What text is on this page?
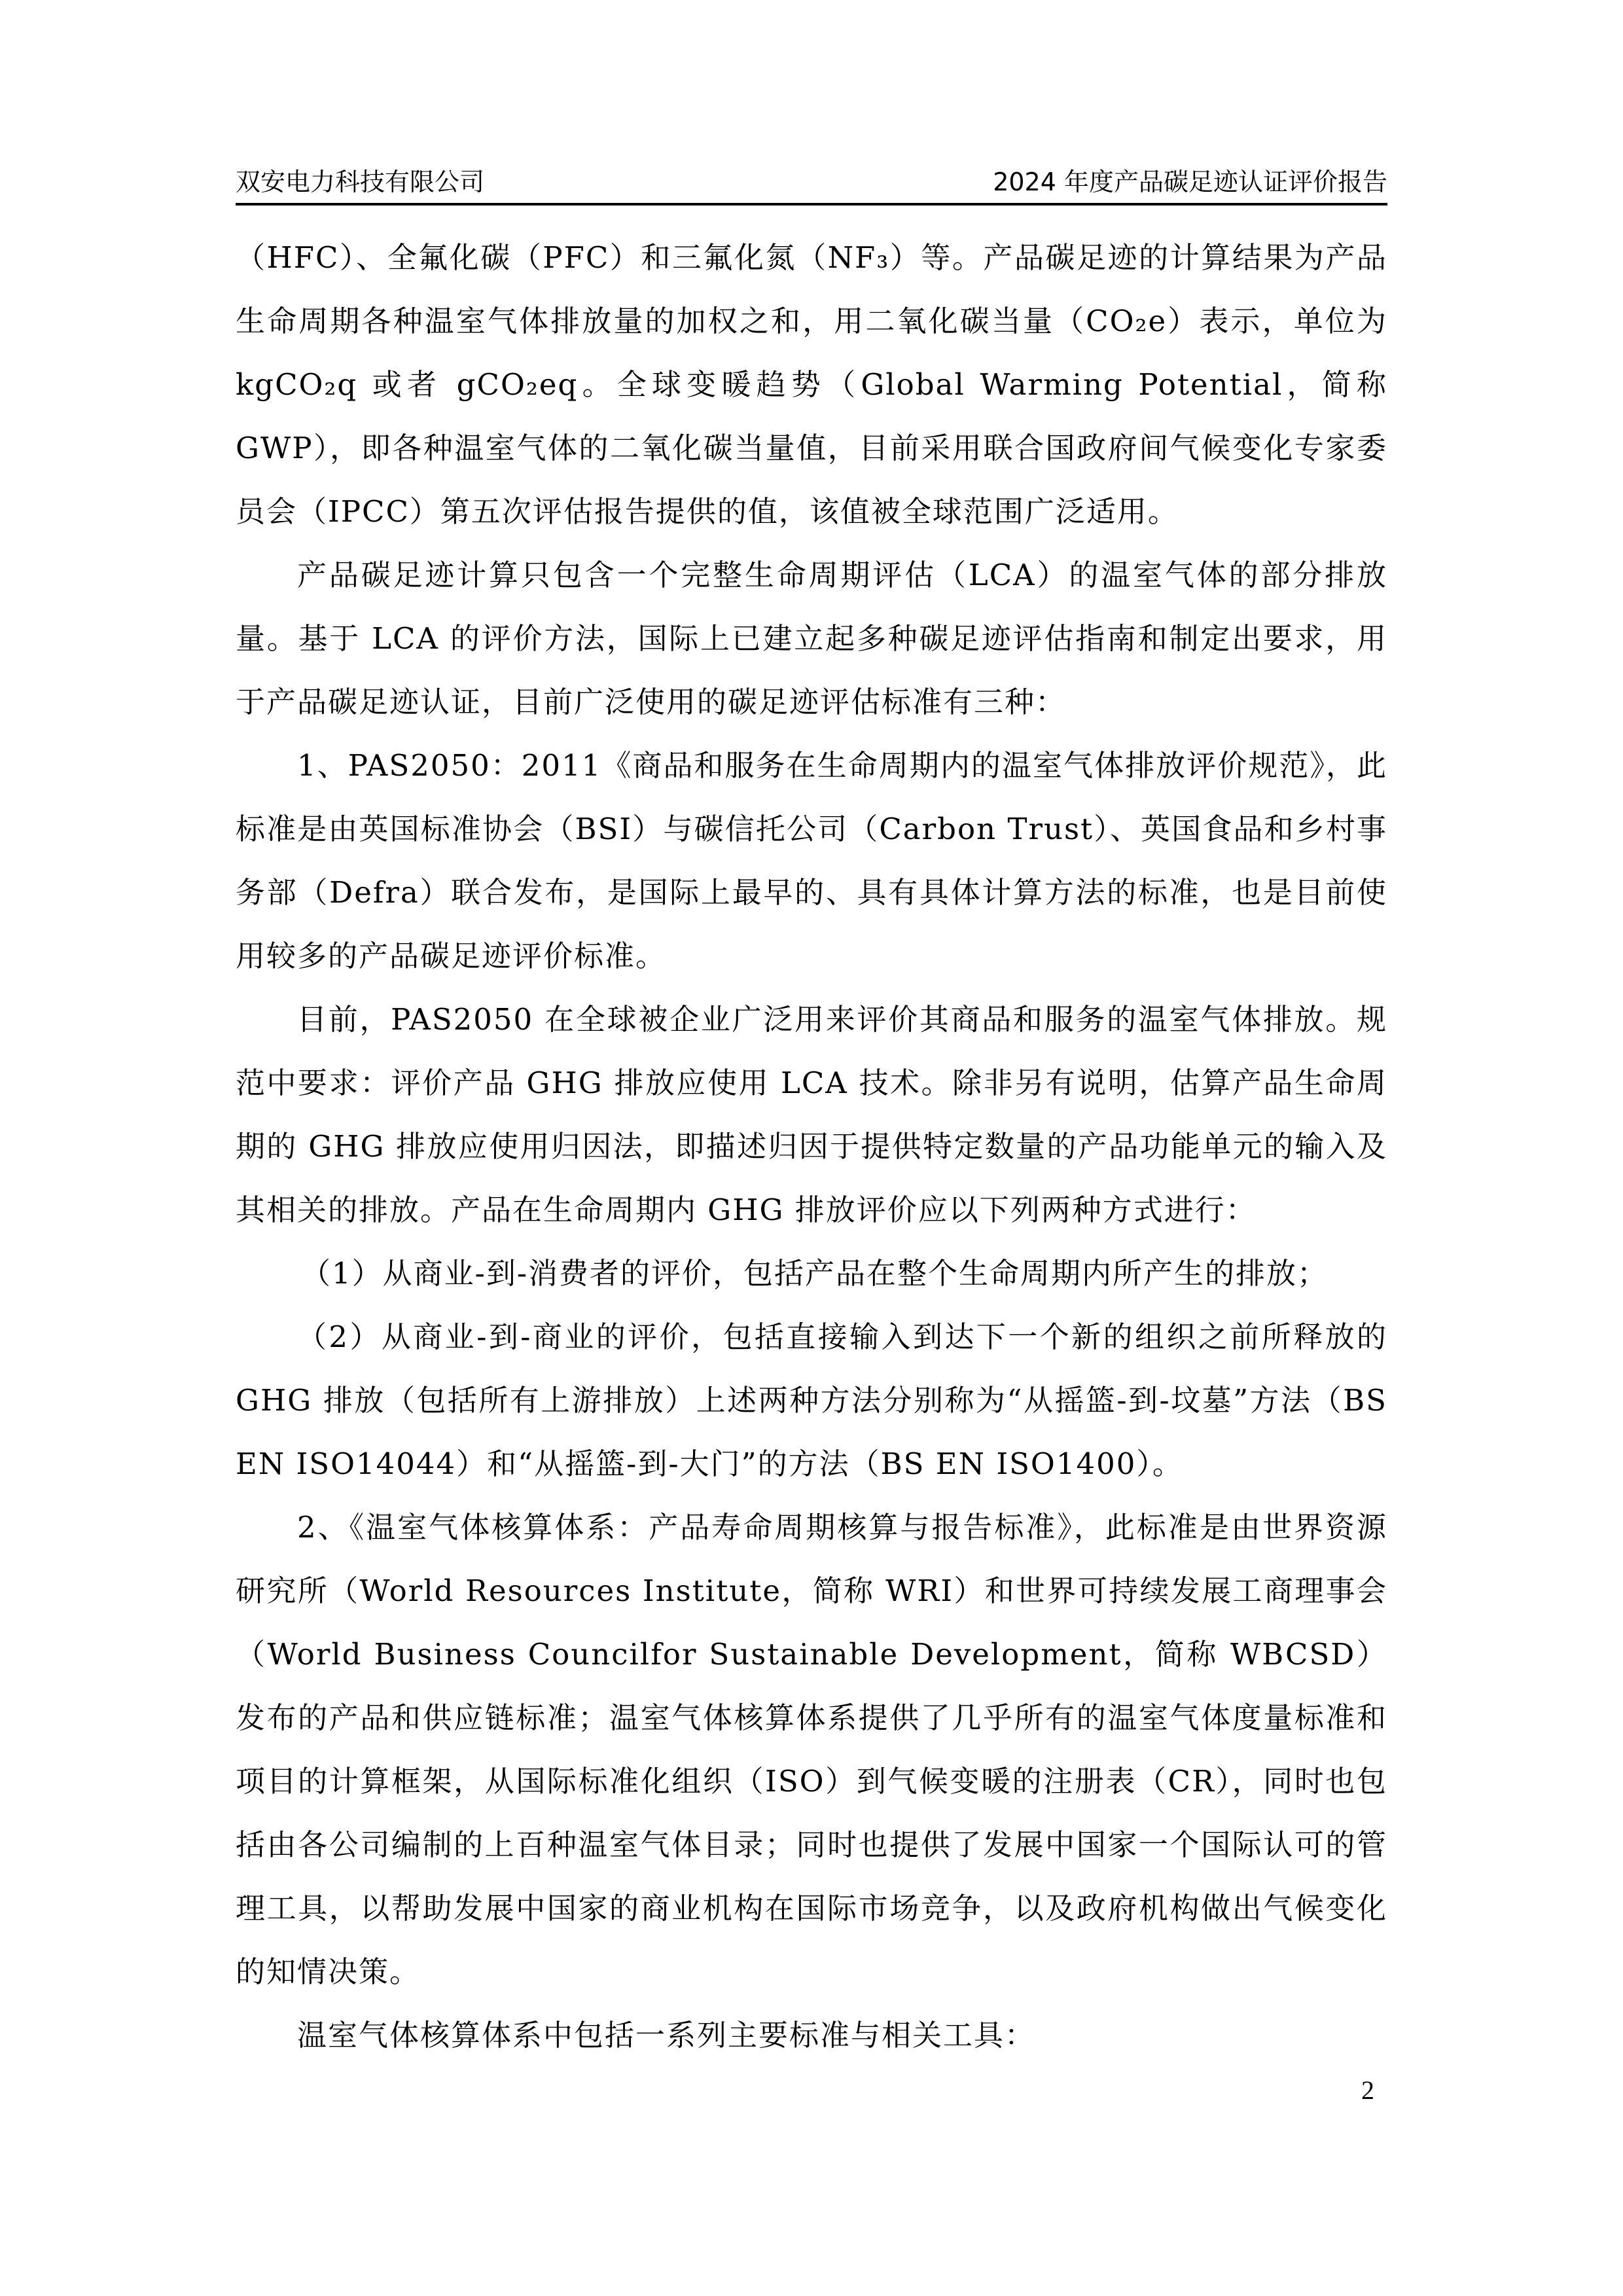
双安电力科技有限公司	2024 年度产品碳足迹认证评价报告

（HFC）、全氟化碳（PFC）和三氟化氮（NF₃）等。产品碳足迹的计算结果为产品生命周期各种温室气体排放量的加权之和，用二氧化碳当量（CO₂e）表示，单位为kgCO₂q 或者 gCO₂eq。全球变暖趋势（Global Warming Potential，简称 GWP），即各种温室气体的二氧化碳当量值，目前采用联合国政府间气候变化专家委员会（IPCC）第五次评估报告提供的值，该值被全球范围广泛适用。

产品碳足迹计算只包含一个完整生命周期评估（LCA）的温室气体的部分排放量。基于 LCA 的评价方法，国际上已建立起多种碳足迹评估指南和制定出要求，用于产品碳足迹认证，目前广泛使用的碳足迹评估标准有三种：

1、PAS2050：2011《商品和服务在生命周期内的温室气体排放评价规范》，此标准是由英国标准协会（BSI）与碳信托公司（Carbon Trust）、英国食品和乡村事务部（Defra）联合发布，是国际上最早的、具有具体计算方法的标准，也是目前使用较多的产品碳足迹评价标准。

目前，PAS2050 在全球被企业广泛用来评价其商品和服务的温室气体排放。规范中要求：评价产品 GHG 排放应使用 LCA 技术。除非另有说明，估算产品生命周期的 GHG 排放应使用归因法，即描述归因于提供特定数量的产品功能单元的输入及其相关的排放。产品在生命周期内 GHG 排放评价应以下列两种方式进行：

（1）从商业-到-消费者的评价，包括产品在整个生命周期内所产生的排放；

（2）从商业-到-商业的评价，包括直接输入到达下一个新的组织之前所释放的 GHG 排放（包括所有上游排放）上述两种方法分别称为“从摇篮-到-坟墓”方法（BS EN ISO14044）和“从摇篮-到-大门”的方法（BS EN ISO1400）。

2、《温室气体核算体系：产品寿命周期核算与报告标准》，此标准是由世界资源研究所（World Resources Institute，简称 WRI）和世界可持续发展工商理事会（World Business Councilfor Sustainable Development，简称 WBCSD）发布的产品和供应链标准；温室气体核算体系提供了几乎所有的温室气体度量标准和项目的计算框架，从国际标准化组织（ISO）到气候变暖的注册表（CR），同时也包括由各公司编制的上百种温室气体目录；同时也提供了发展中国家一个国际认可的管理工具，以帮助发展中国家的商业机构在国际市场竞争，以及政府机构做出气候变化的知情决策。

温室气体核算体系中包括一系列主要标准与相关工具：

2
